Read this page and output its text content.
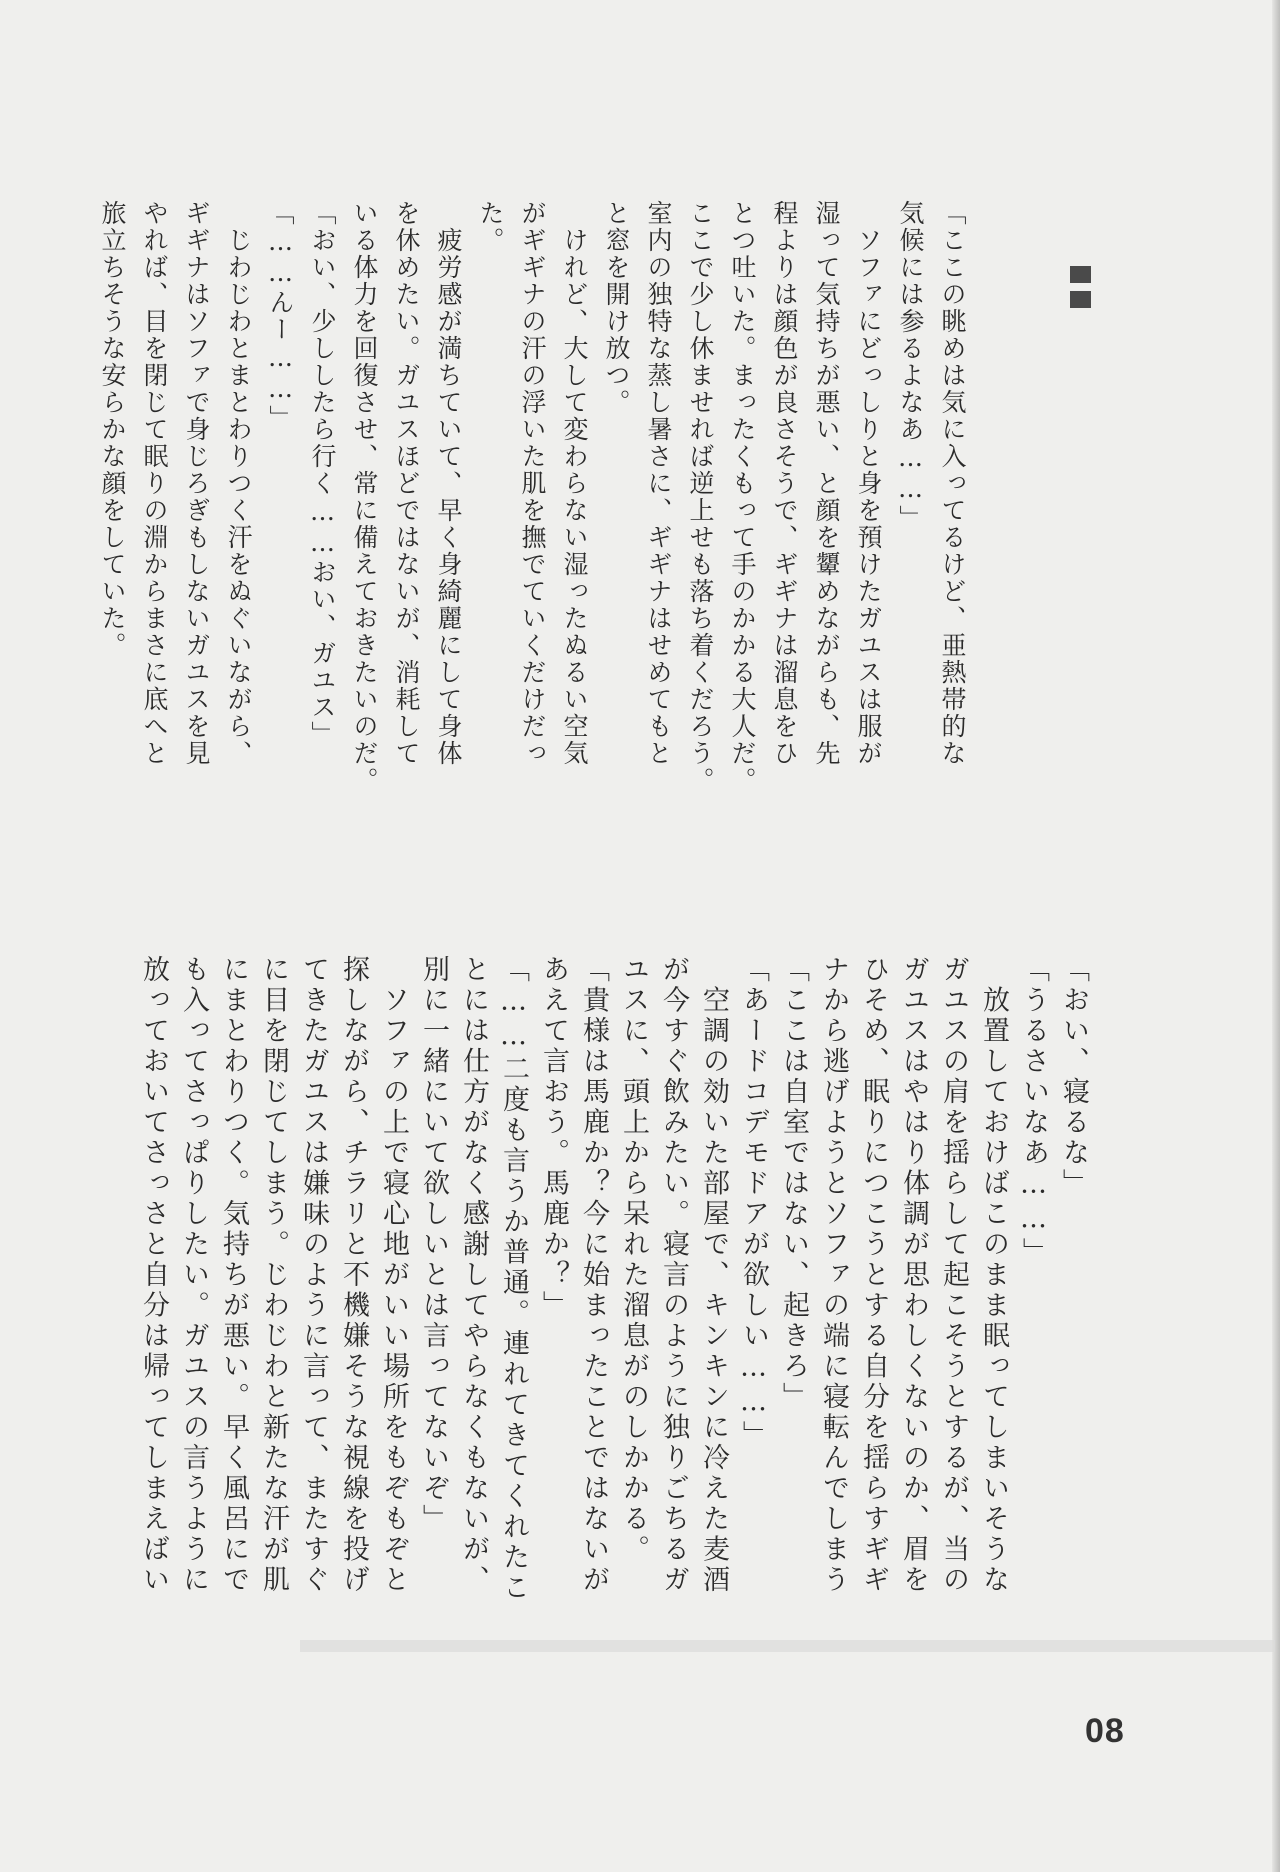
「ここの眺めは気に入ってるけど、亜熱帯的な
気候には参るよなあ……」
　ソファにどっしりと身を預けたガユスは服が
湿って気持ちが悪い、と顔を顰めながらも、先
程よりは顔色が良さそうで、ギギナは溜息をひ
とつ吐いた。まったくもって手のかかる大人だ。
ここで少し休ませれば逆上せも落ち着くだろう。
室内の独特な蒸し暑さに、ギギナはせめてもと
と窓を開け放つ。
　けれど、大して変わらない湿ったぬるい空気
がギギナの汗の浮いた肌を撫でていくだけだっ
た。
　疲労感が満ちていて、早く身綺麗にして身体
を休めたい。ガユスほどではないが、消耗して
いる体力を回復させ、常に備えておきたいのだ。
「おい、少ししたら行く……おい、ガユス」
「……んー……」
　じわじわとまとわりつく汗をぬぐいながら、
ギギナはソファで身じろぎもしないガユスを見
やれば、目を閉じて眠りの淵からまさに底へと
旅立ちそうな安らかな顔をしていた。
「おい、寝るな」
「うるさいなあ……」
　放置しておけばこのまま眠ってしまいそうな
ガユスの肩を揺らして起こそうとするが、当の
ガユスはやはり体調が思わしくないのか、眉を
ひそめ、眠りにつこうとする自分を揺らすギギ
ナから逃げようとソファの端に寝転んでしまう
「ここは自室ではない、起きろ」
「あードコデモドアが欲しい……」
　空調の効いた部屋で、キンキンに冷えた麦酒
が今すぐ飲みたい。寝言のように独りごちるガ
ユスに、頭上から呆れた溜息がのしかかる。
「貴様は馬鹿か？今に始まったことではないが
あえて言おう。馬鹿か？」
「……二度も言うか普通。連れてきてくれたこ
とには仕方がなく感謝してやらなくもないが、
別に一緒にいて欲しいとは言ってないぞ」
　ソファの上で寝心地がいい場所をもぞもぞと
探しながら、チラリと不機嫌そうな視線を投げ
てきたガユスは嫌味のように言って、またすぐ
に目を閉じてしまう。じわじわと新たな汗が肌
にまとわりつく。気持ちが悪い。早く風呂にで
も入ってさっぱりしたい。ガユスの言うように
放っておいてさっさと自分は帰ってしまえばい
08
